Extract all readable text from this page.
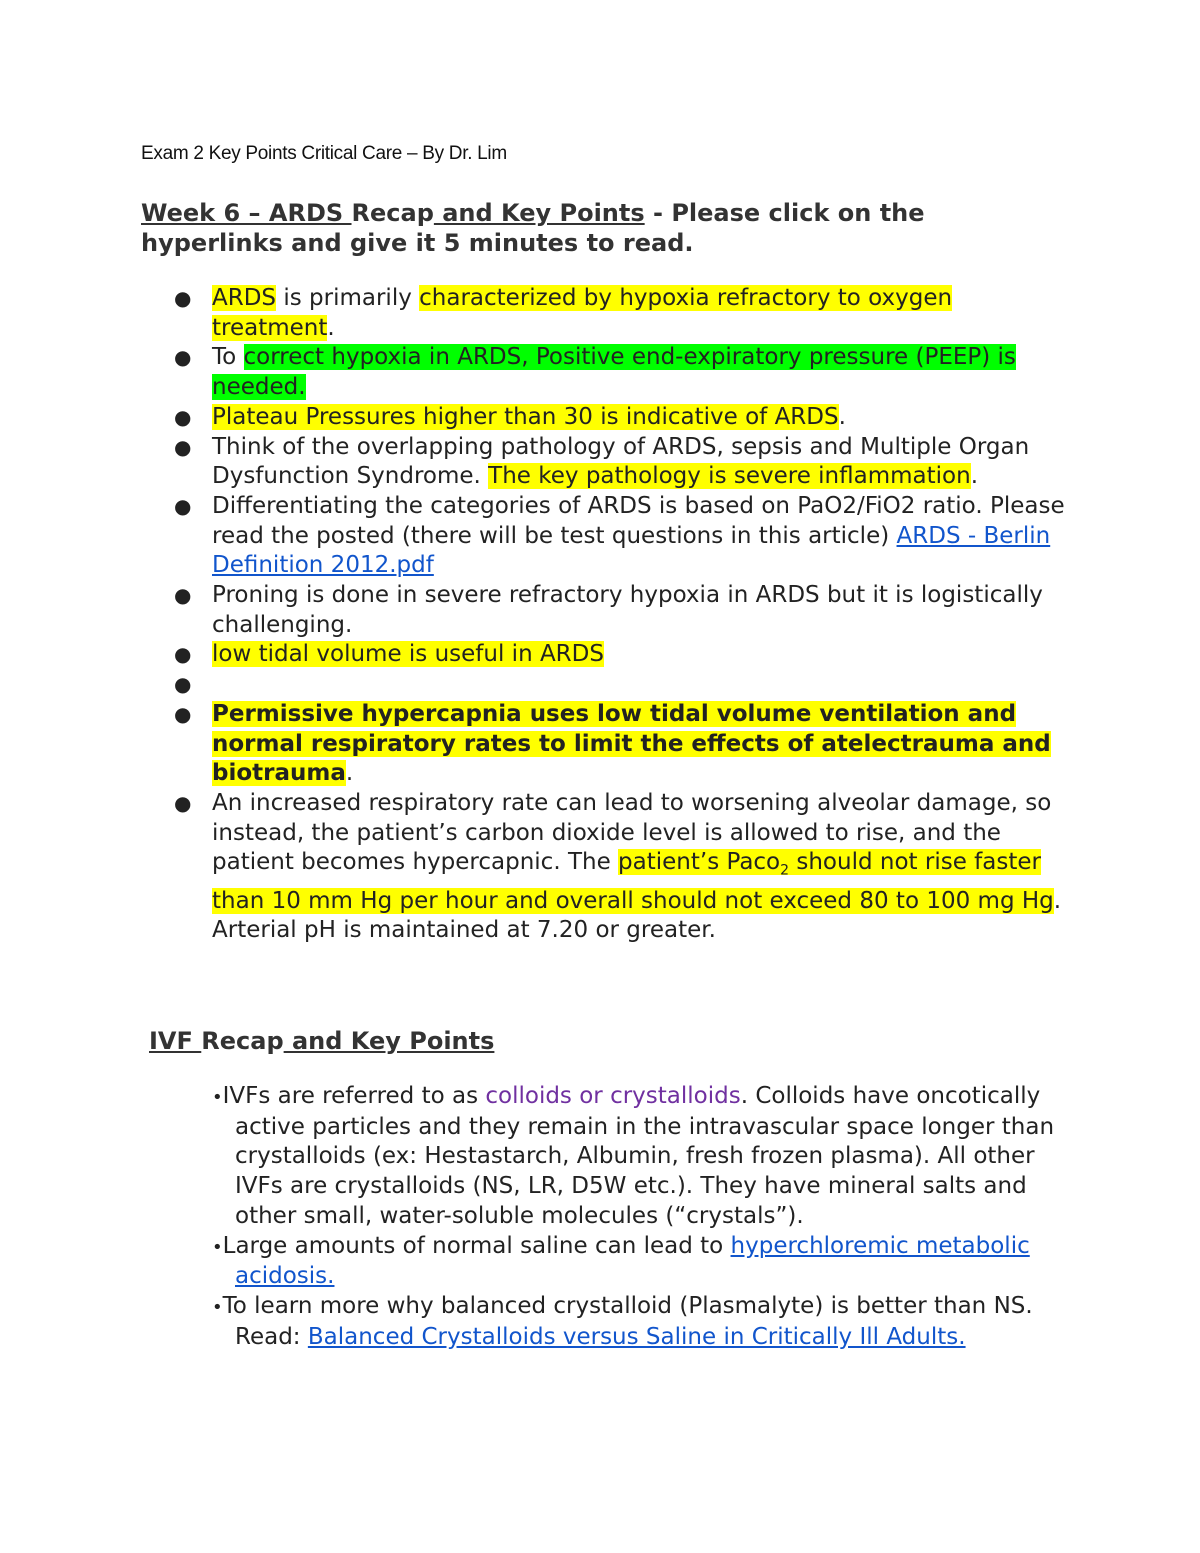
Exam 2 Key Points Critical Care – By Dr. Lim
Week 6 – ARDS Recap and Key Points - Please click on the hyperlinks and give it 5 minutes to read.
● ARDS is primarily characterized by hypoxia refractory to oxygen treatment.
● To correct hypoxia in ARDS, Positive end-expiratory pressure (PEEP) is needed.
● Plateau Pressures higher than 30 is indicative of ARDS.
● Think of the overlapping pathology of ARDS, sepsis and Multiple Organ Dysfunction Syndrome. The key pathology is severe inflammation.
● Differentiating the categories of ARDS is based on PaO2/FiO2 ratio. Please read the posted (there will be test questions in this article) ARDS - Berlin Definition 2012.pdf
● Proning is done in severe refractory hypoxia in ARDS but it is logistically challenging.
● low tidal volume is useful in ARDS
●

● Permissive hypercapnia uses low tidal volume ventilation and normal respiratory rates to limit the effects of atelectrauma and biotrauma.
● An increased respiratory rate can lead to worsening alveolar damage, so instead, the patient’s carbon dioxide level is allowed to rise, and the patient becomes hypercapnic. The patient’s Paco$_2$ should not rise faster than 10 mm Hg per hour and overall should not exceed 80 to 100 mg Hg. Arterial pH is maintained at 7.20 or greater.
IVF Recap and Key Points
•IVFs are referred to as colloids or crystalloids. Colloids have oncotically active particles and they remain in the intravascular space longer than crystalloids (ex: Hestastarch, Albumin, fresh frozen plasma). All other IVFs are crystalloids (NS, LR, D5W etc.). They have mineral salts and other small, water-soluble molecules (“crystals”).
•Large amounts of normal saline can lead to hyperchloremic metabolic acidosis.
•To learn more why balanced crystalloid (Plasmalyte) is better than NS. Read: Balanced Crystalloids versus Saline in Critically Ill Adults.
